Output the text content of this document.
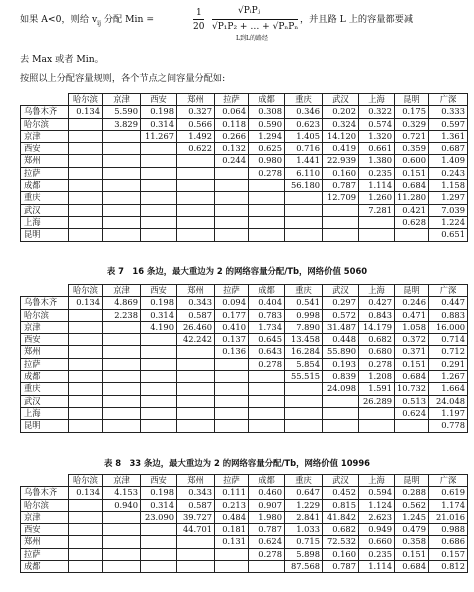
如果 A<0，则给 $v_{ij}$ 分配 Min =
1
20
√PᵢPⱼ
√P₁P₂ + … + √PₙPₙ
L到L的路经
，并且路 L 上的容量都要减
去 Max 或者 Min。
按照以上分配容量规则，各个节点之间容量分配如:
	哈尔滨	京津	西安	郑州	拉萨	成都	重庆	武汉	上海	昆明	广深
乌鲁木齐	0.134	5.590	0.198	0.327	0.064	0.308	0.346	0.202	0.322	0.175	0.333
哈尔滨		3.829	0.314	0.566	0.118	0.590	0.623	0.324	0.574	0.329	0.597
京津			11.267	1.492	0.266	1.294	1.405	14.120	1.320	0.721	1.361
西安				0.622	0.132	0.625	0.716	0.419	0.661	0.359	0.687
郑州					0.244	0.980	1.441	22.939	1.380	0.600	1.409
拉萨						0.278	6.110	0.160	0.235	0.151	0.243
成都							56.180	0.787	1.114	0.684	1.158
重庆								12.709	1.260	11.280	1.297
武汉									7.281	0.421	7.039
上海										0.628	1.224
昆明											0.651
表 7　16 条边，最大重边为 2 的网络容量分配/Tb，网络价值 5060
	哈尔滨	京津	西安	郑州	拉萨	成都	重庆	武汉	上海	昆明	广深
乌鲁木齐	0.134	4.869	0.198	0.343	0.094	0.404	0.541	0.297	0.427	0.246	0.447
哈尔滨		2.238	0.314	0.587	0.177	0.783	0.998	0.572	0.843	0.471	0.883
京津			4.190	26.460	0.410	1.734	7.890	31.487	14.179	1.058	16.000
西安				42.242	0.137	0.645	13.458	0.448	0.682	0.372	0.714
郑州					0.136	0.643	16.284	55.890	0.680	0.371	0.712
拉萨						0.278	5.854	0.193	0.278	0.151	0.291
成都							55.515	0.839	1.208	0.684	1.267
重庆								24.098	1.591	10.732	1.664
武汉									26.289	0.513	24.048
上海										0.624	1.197
昆明											0.778
表 8　33 条边，最大重边为 2 的网络容量分配/Tb，网络价值 10996
	哈尔滨	京津	西安	郑州	拉萨	成都	重庆	武汉	上海	昆明	广深
乌鲁木齐	0.134	4.153	0.198	0.343	0.111	0.460	0.647	0.452	0.594	0.288	0.619
哈尔滨		0.940	0.314	0.587	0.213	0.907	1.229	0.815	1.124	0.562	1.174
京津			23.090	39.727	0.484	1.980	2.841	41.842	2.623	1.245	21.016
西安				44.701	0.181	0.787	1.033	0.682	0.949	0.479	0.988
郑州					0.131	0.624	0.715	72.532	0.660	0.358	0.686
拉萨						0.278	5.898	0.160	0.235	0.151	0.157
成都							87.568	0.787	1.114	0.684	0.812
